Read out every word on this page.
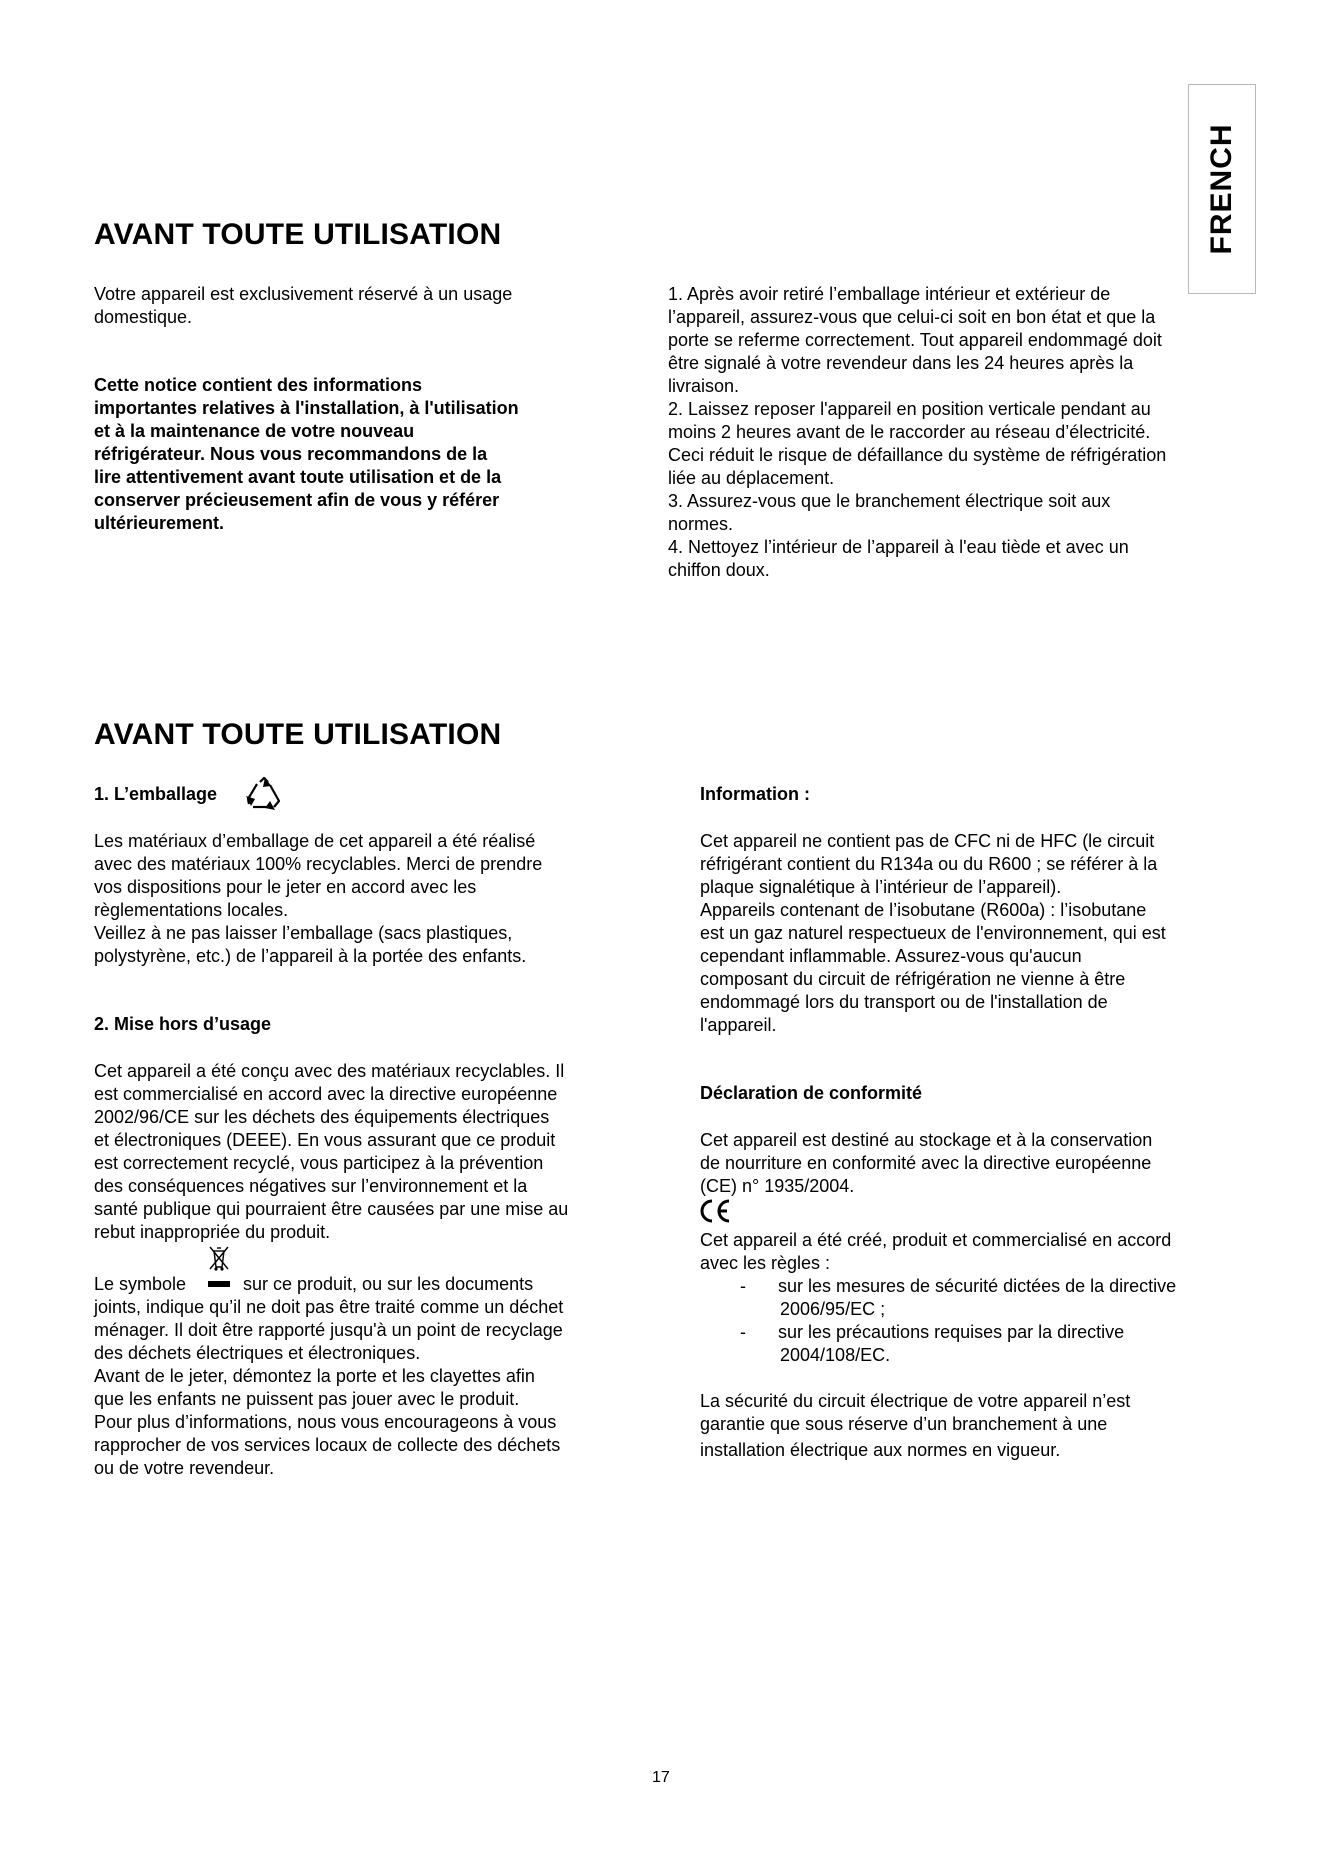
FRENCH
AVANT TOUTE UTILISATION
Votre appareil est exclusivement réservé à un usage
domestique.
Cette notice contient des informations
importantes relatives à l'installation, à l'utilisation
et à la maintenance de votre nouveau
réfrigérateur. Nous vous recommandons de la
lire attentivement avant toute utilisation et de la
conserver précieusement afin de vous y référer
ultérieurement.
1. Après avoir retiré l’emballage intérieur et extérieur de
l’appareil, assurez-vous que celui-ci soit en bon état et que la
porte se referme correctement. Tout appareil endommagé doit
être signalé à votre revendeur dans les 24 heures après la
livraison.
2. Laissez reposer l'appareil en position verticale pendant au
moins 2 heures avant de le raccorder au réseau d’électricité.
Ceci réduit le risque de défaillance du système de réfrigération
liée au déplacement.
3. Assurez-vous que le branchement électrique soit aux
normes.
4. Nettoyez l’intérieur de l’appareil à l'eau tiède et avec un
chiffon doux.
AVANT TOUTE UTILISATION

1. L’emballage

Les matériaux d’emballage de cet appareil a été réalisé
avec des matériaux 100% recyclables. Merci de prendre
vos dispositions pour le jeter en accord avec les
règlementations locales.
Veillez à ne pas laisser l’emballage (sacs plastiques,
polystyrène, etc.) de l’appareil à la portée des enfants.

2. Mise hors d’usage

Cet appareil a été conçu avec des matériaux recyclables. Il
est commercialisé en accord avec la directive européenne
2002/96/CE sur les déchets des équipements électriques
et électroniques (DEEE). En vous assurant que ce produit
est correctement recyclé, vous participez à la prévention
des conséquences négatives sur l’environnement et la
santé publique qui pourraient être causées par une mise au
rebut inappropriée du produit.
Le symbole	sur ce produit, ou sur les documents
joints, indique qu’il ne doit pas être traité comme un déchet
ménager. Il doit être rapporté jusqu'à un point de recyclage
des déchets électriques et électroniques.
Avant de le jeter, démontez la porte et les clayettes afin
que les enfants ne puissent pas jouer avec le produit.
Pour plus d’informations, nous vous encourageons à vous
rapprocher de vos services locaux de collecte des déchets
ou de votre revendeur.

Information :

Cet appareil ne contient pas de CFC ni de HFC (le circuit
réfrigérant contient du R134a ou du R600 ; se référer à la
plaque signalétique à l’intérieur de l’appareil).
Appareils contenant de l’isobutane (R600a) : l’isobutane
est un gaz naturel respectueux de l'environnement, qui est
cependant inflammable. Assurez-vous qu'aucun
composant du circuit de réfrigération ne vienne à être
endommagé lors du transport ou de l'installation de
l'appareil.

Déclaration de conformité

Cet appareil est destiné au stockage et à la conservation
de nourriture en conformité avec la directive européenne
(CE) n° 1935/2004.
Cet appareil a été créé, produit et commercialisé en accord
avec les règles :
- sur les mesures de sécurité dictées de la directive
2006/95/EC ;
- sur les précautions requises par la directive
2004/108/EC.
La sécurité du circuit électrique de votre appareil n’est
garantie que sous réserve d’un branchement à une
installation électrique aux normes en vigueur.
17
